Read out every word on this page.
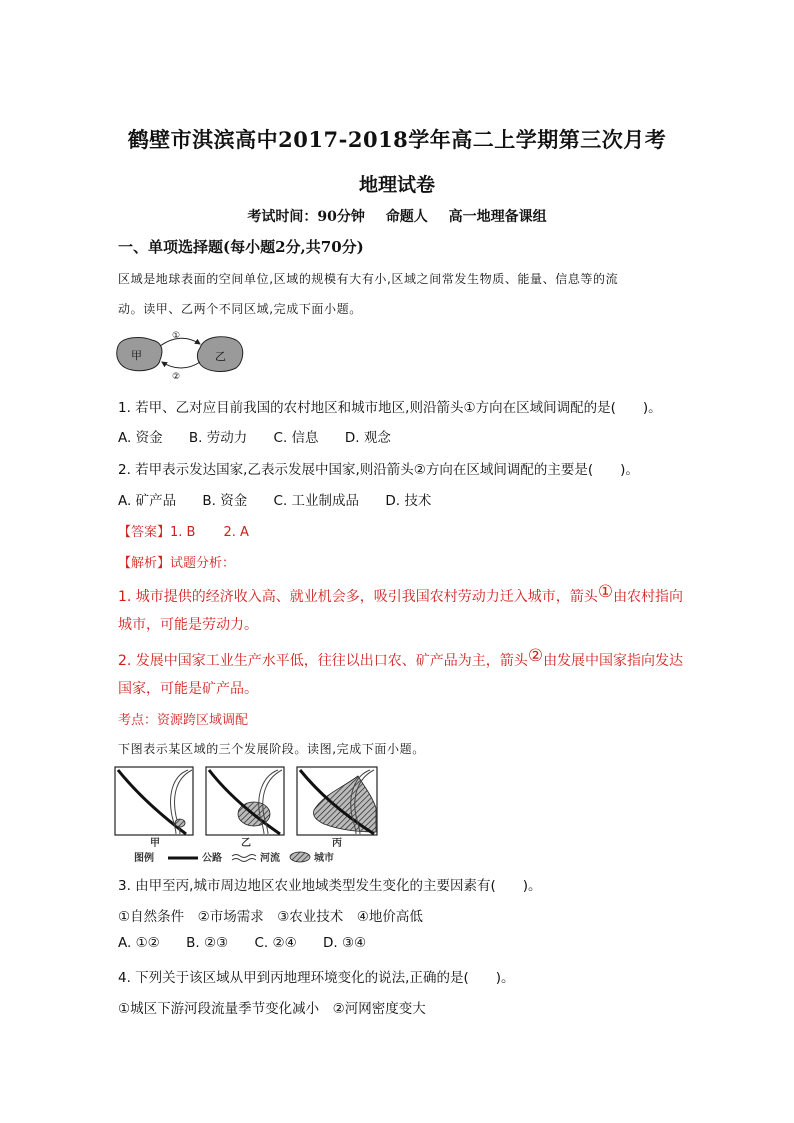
鹤壁市淇滨高中2017-2018学年高二上学期第三次月考
地理试卷
考试时间：90分钟 命题人 高一地理备课组
一、单项选择题(每小题2分,共70分)
区域是地球表面的空间单位,区域的规模有大有小,区域之间常发生物质、能量、信息等的流
动。读甲、乙两个不同区域,完成下面小题。
甲	乙
①
②
1. 若甲、乙对应目前我国的农村地区和城市地区,则沿箭头①方向在区域间调配的是(　　)。
A. 资金 B. 劳动力 C. 信息 D. 观念
2. 若甲表示发达国家,乙表示发展中国家,则沿箭头②方向在区域间调配的主要是(　　)。
A. 矿产品 B. 资金 C. 工业制成品 D. 技术
【答案】1. B 2. A
【解析】试题分析：
1. 城市提供的经济收入高、就业机会多，吸引我国农村劳动力迁入城市，箭头①由农村指向
城市，可能是劳动力。
2. 发展中国家工业生产水平低，往往以出口农、矿产品为主，箭头②由发展中国家指向发达
国家，可能是矿产品。
考点：资源跨区域调配
下图表示某区域的三个发展阶段。读图,完成下面小题。
甲	乙	丙
图例	公路	河流	城市
3. 由甲至丙,城市周边地区农业地域类型发生变化的主要因素有(　　)。
①自然条件　②市场需求　③农业技术　④地价高低
A. ①② B. ②③ C. ②④ D. ③④
4. 下列关于该区域从甲到丙地理环境变化的说法,正确的是(　　)。
①城区下游河段流量季节变化减小　②河网密度变大
